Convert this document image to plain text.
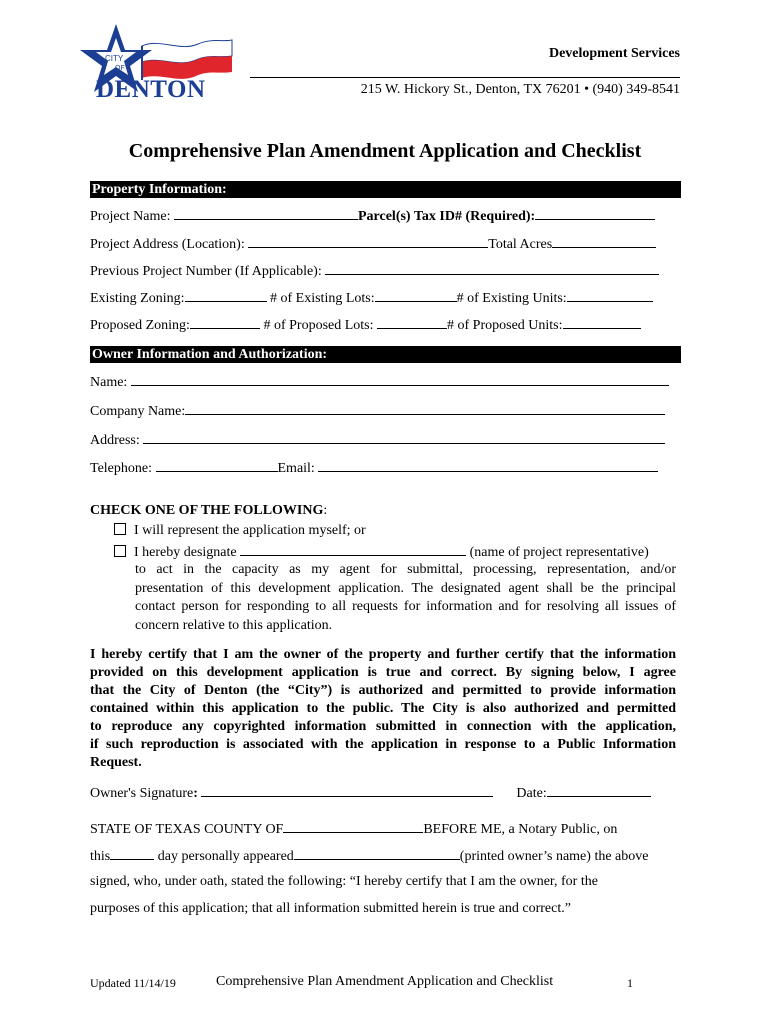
CITY
OF
DENTON
Development Services
215 W. Hickory St., Denton, TX 76201 • (940) 349-8541
Comprehensive Plan Amendment Application and Checklist
Property Information:
Project Name:	Parcel(s) Tax ID# (Required):
Project Address (Location):	Total Acres
Previous Project Number (If Applicable):
Existing Zoning:	# of Existing Lots:	# of Existing Units:
Proposed Zoning:	# of Proposed Lots:	# of Proposed Units:
Owner Information and Authorization:
Name:
Company Name:
Address:
Telephone:	Email:
CHECK ONE OF THE FOLLOWING:
I will represent the application myself; or
I hereby designate	(name of project representative)
to act in the capacity as my agent for submittal, processing, representation, and/or
presentation of this development application. The designated agent shall be the principal
contact person for responding to all requests for information and for resolving all issues of
concern relative to this application.
I hereby certify that I am the owner of the property and further certify that the information
provided on this development application is true and correct. By signing below, I agree
that the City of Denton (the “City”) is authorized and permitted to provide information
contained within this application to the public. The City is also authorized and permitted
to reproduce any copyrighted information submitted in connection with the application,
if such reproduction is associated with the application in response to a Public Information
Request.
Owner's Signature:	Date:
STATE OF TEXAS COUNTY OF	BEFORE ME, a Notary Public, on
this	day personally appeared	(printed owner’s name) the above
signed, who, under oath, stated the following: “I hereby certify that I am the owner, for the
purposes of this application; that all information submitted herein is true and correct.”
Updated 11/14/19	Comprehensive Plan Amendment Application and Checklist	1
